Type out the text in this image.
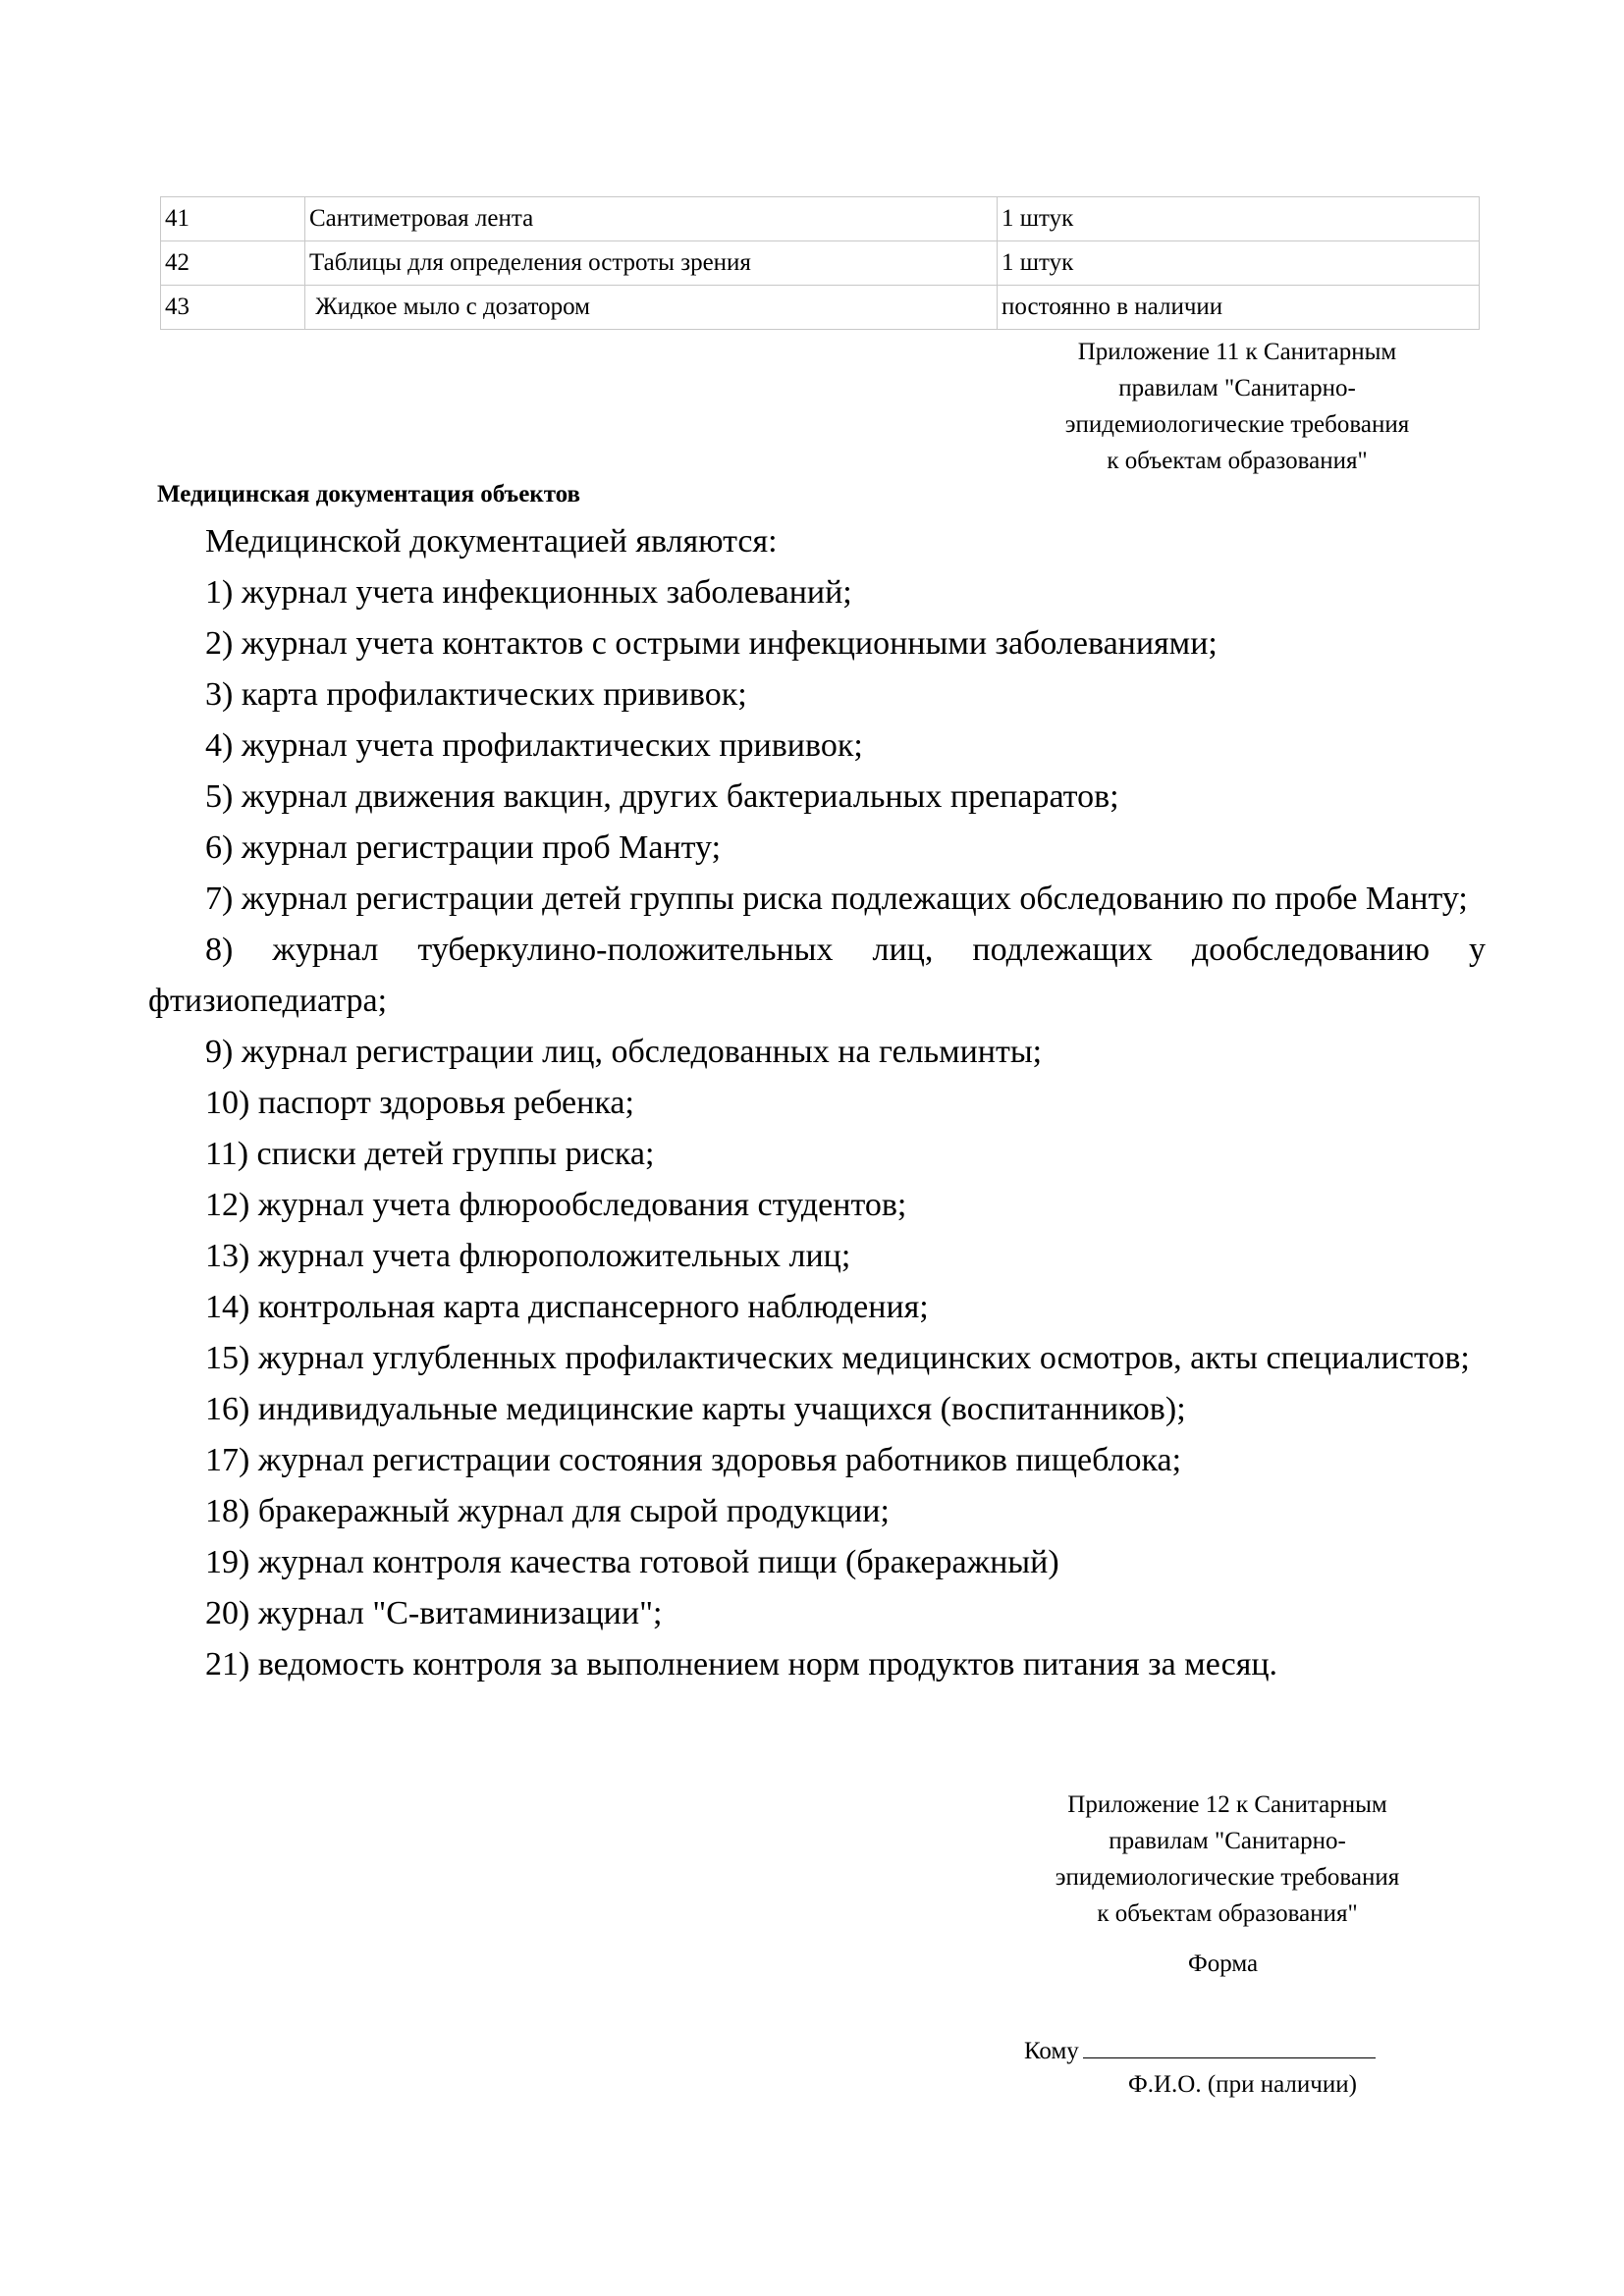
41	Сантиметровая лента	1 штук
42	Таблицы для определения остроты зрения	1 штук
43	Жидкое мыло с дозатором	постоянно в наличии
Приложение 11 к Санитарным
правилам "Санитарно-
эпидемиологические требования
к объектам образования"
Медицинская документация объектов

Медицинской документацией являются:

1) журнал учета инфекционных заболеваний;

2) журнал учета контактов с острыми инфекционными заболеваниями;

3) карта профилактических прививок;

4) журнал учета профилактических прививок;

5) журнал движения вакцин, других бактериальных препаратов;

6) журнал регистрации проб Манту;

7) журнал регистрации детей группы риска подлежащих обследованию по пробе Манту;

8) журнал туберкулино-положительных лиц, подлежащих дообследованию у фтизиопедиатра;

9) журнал регистрации лиц, обследованных на гельминты;

10) паспорт здоровья ребенка;

11) списки детей группы риска;

12) журнал учета флюрообследования студентов;

13) журнал учета флюроположительных лиц;

14) контрольная карта диспансерного наблюдения;

15) журнал углубленных профилактических медицинских осмотров, акты специалистов;

16) индивидуальные медицинские карты учащихся (воспитанников);

17) журнал регистрации состояния здоровья работников пищеблока;

18) бракеражный журнал для сырой продукции;

19) журнал контроля качества готовой пищи (бракеражный)

20) журнал "С-витаминизации";

21) ведомость контроля за выполнением норм продуктов питания за месяц.

Приложение 12 к Санитарным
правилам "Санитарно-
эпидемиологические требования
к объектам образования"
Форма
Кому
Ф.И.О. (при наличии)
